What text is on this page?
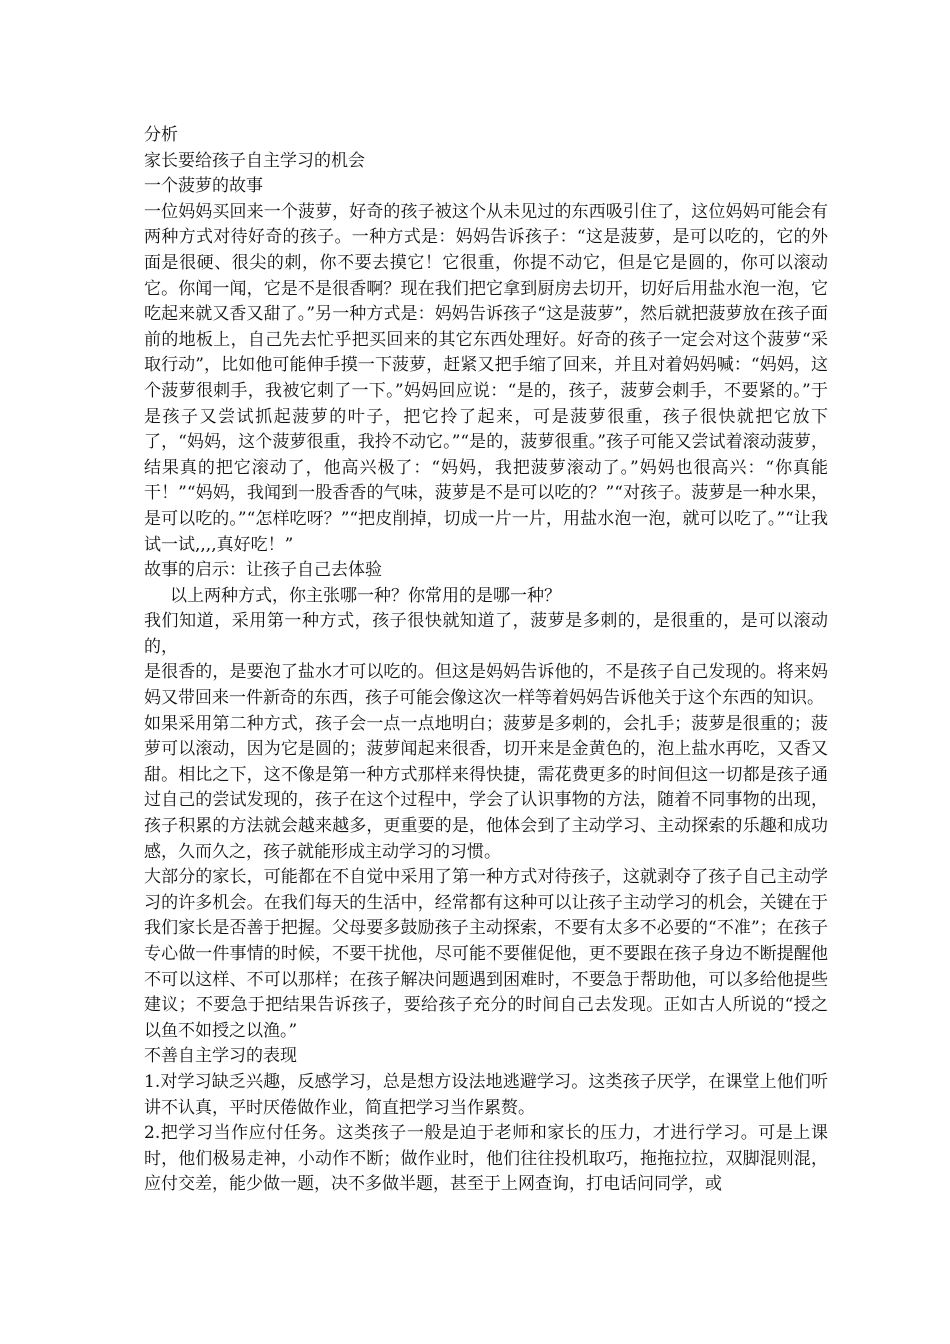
分析

家长要给孩子自主学习的机会

一个菠萝的故事

一位妈妈买回来一个菠萝，好奇的孩子被这个从未见过的东西吸引住了，这位妈妈可能会有两种方式对待好奇的孩子。一种方式是：妈妈告诉孩子：“这是菠萝，是可以吃的，它的外面是很硬、很尖的刺，你不要去摸它！它很重，你提不动它，但是它是圆的，你可以滚动它。你闻一闻，它是不是很香啊？现在我们把它拿到厨房去切开，切好后用盐水泡一泡，它吃起来就又香又甜了。”另一种方式是：妈妈告诉孩子“这是菠萝”，然后就把菠萝放在孩子面前的地板上，自己先去忙乎把买回来的其它东西处理好。好奇的孩子一定会对这个菠萝“采取行动”，比如他可能伸手摸一下菠萝，赶紧又把手缩了回来，并且对着妈妈喊：“妈妈，这个菠萝很刺手，我被它刺了一下。”妈妈回应说：“是的，孩子，菠萝会刺手，不要紧的。”于是孩子又尝试抓起菠萝的叶子，把它拎了起来，可是菠萝很重，孩子很快就把它放下了，“妈妈，这个菠萝很重，我拎不动它。”“是的，菠萝很重。”孩子可能又尝试着滚动菠萝，结果真的把它滚动了，他高兴极了：“妈妈，我把菠萝滚动了。”妈妈也很高兴：“你真能干！”“妈妈，我闻到一股香香的气味，菠萝是不是可以吃的？”“对孩子。菠萝是一种水果，是可以吃的。”“怎样吃呀？”“把皮削掉，切成一片一片，用盐水泡一泡，就可以吃了。”“让我试一试,,,,真好吃！”

故事的启示：让孩子自己去体验

以上两种方式，你主张哪一种？你常用的是哪一种？

我们知道，采用第一种方式，孩子很快就知道了，菠萝是多刺的，是很重的，是可以滚动的，

是很香的，是要泡了盐水才可以吃的。但这是妈妈告诉他的，不是孩子自己发现的。将来妈妈又带回来一件新奇的东西，孩子可能会像这次一样等着妈妈告诉他关于这个东西的知识。

如果采用第二种方式，孩子会一点一点地明白；菠萝是多刺的，会扎手；菠萝是很重的；菠萝可以滚动，因为它是圆的；菠萝闻起来很香，切开来是金黄色的，泡上盐水再吃，又香又甜。相比之下，这不像是第一种方式那样来得快捷，需花费更多的时间但这一切都是孩子通过自己的尝试发现的，孩子在这个过程中，学会了认识事物的方法，随着不同事物的出现，孩子积累的方法就会越来越多，更重要的是，他体会到了主动学习、主动探索的乐趣和成功感，久而久之，孩子就能形成主动学习的习惯。

大部分的家长，可能都在不自觉中采用了第一种方式对待孩子，这就剥夺了孩子自己主动学习的许多机会。在我们每天的生活中，经常都有这种可以让孩子主动学习的机会，关键在于我们家长是否善于把握。父母要多鼓励孩子主动探索，不要有太多不必要的“不准”；在孩子专心做一件事情的时候，不要干扰他，尽可能不要催促他，更不要跟在孩子身边不断提醒他不可以这样、不可以那样；在孩子解决问题遇到困难时，不要急于帮助他，可以多给他提些建议；不要急于把结果告诉孩子，要给孩子充分的时间自己去发现。正如古人所说的“授之以鱼不如授之以渔。”

不善自主学习的表现

1.对学习缺乏兴趣，反感学习，总是想方设法地逃避学习。这类孩子厌学，在课堂上他们听讲不认真，平时厌倦做作业，简直把学习当作累赘。

2.把学习当作应付任务。这类孩子一般是迫于老师和家长的压力，才进行学习。可是上课时，他们极易走神，小动作不断；做作业时，他们往往投机取巧，拖拖拉拉，双脚混则混，应付交差，能少做一题，决不多做半题，甚至于上网查询，打电话问同学，或
